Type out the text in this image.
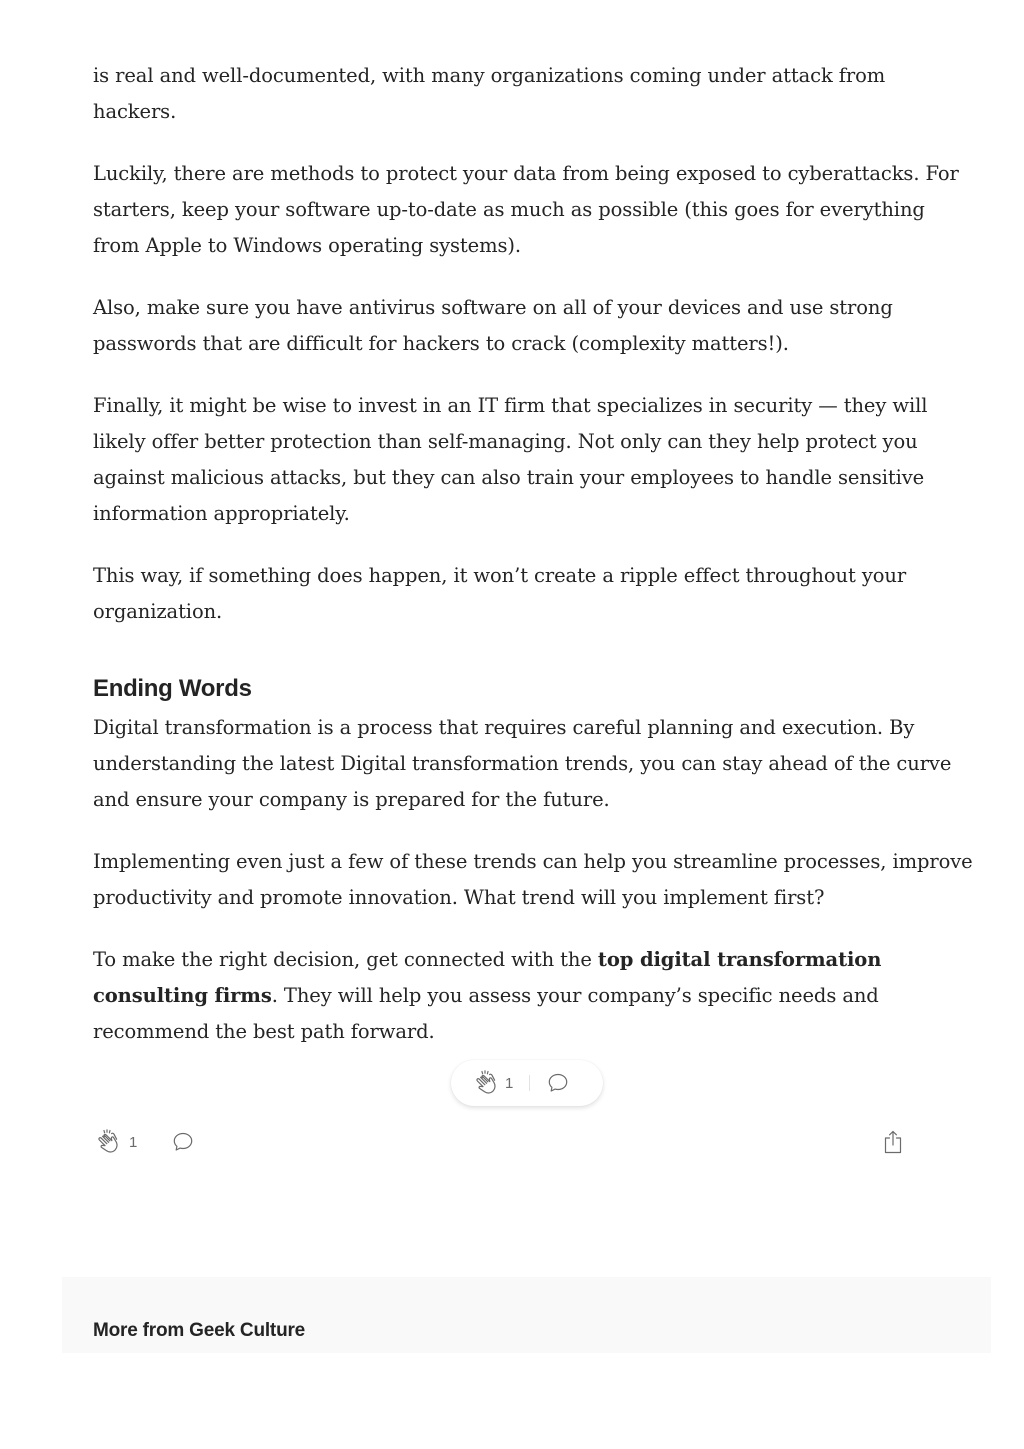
is real and well-documented, with many organizations coming under attack from hackers.

Luckily, there are methods to protect your data from being exposed to cyberattacks. For starters, keep your software up-to-date as much as possible (this goes for everything from Apple to Windows operating systems).

Also, make sure you have antivirus software on all of your devices and use strong passwords that are difficult for hackers to crack (complexity matters!).

Finally, it might be wise to invest in an IT firm that specializes in security — they will likely offer better protection than self-managing. Not only can they help protect you against malicious attacks, but they can also train your employees to handle sensitive information appropriately.

This way, if something does happen, it won’t create a ripple effect throughout your organization.

Ending Words

Digital transformation is a process that requires careful planning and execution. By understanding the latest Digital transformation trends, you can stay ahead of the curve and ensure your company is prepared for the future.

Implementing even just a few of these trends can help you streamline processes, improve productivity and promote innovation. What trend will you implement first?

To make the right decision, get connected with the top digital transformation consulting firms. They will help you assess your company’s specific needs and recommend the best path forward.

1
1
More from Geek Culture
